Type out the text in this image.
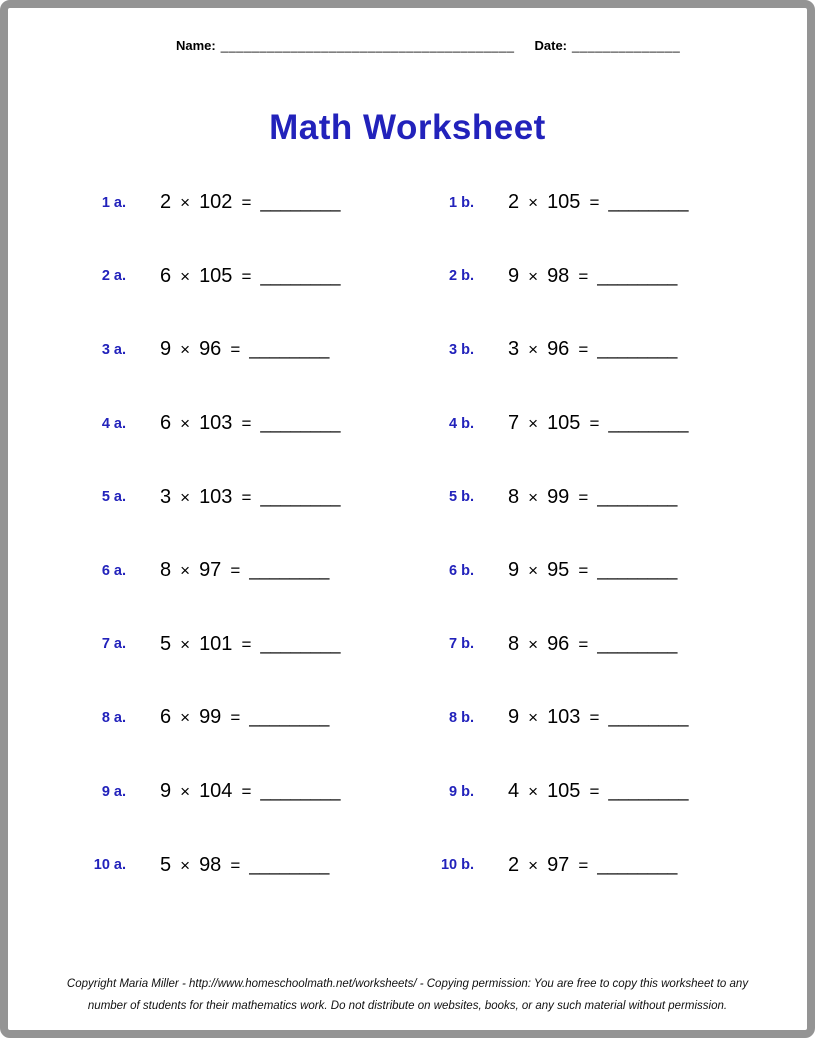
Name: ______________________________________ Date: ______________
Math Worksheet
1 a. 2 × 102 = ________	1 b. 2 × 105 = ________
2 a. 6 × 105 = ________	2 b. 9 × 98 = ________
3 a. 9 × 96 = ________	3 b. 3 × 96 = ________
4 a. 6 × 103 = ________	4 b. 7 × 105 = ________
5 a. 3 × 103 = ________	5 b. 8 × 99 = ________
6 a. 8 × 97 = ________	6 b. 9 × 95 = ________
7 a. 5 × 101 = ________	7 b. 8 × 96 = ________
8 a. 6 × 99 = ________	8 b. 9 × 103 = ________
9 a. 9 × 104 = ________	9 b. 4 × 105 = ________
10 a. 5 × 98 = ________	10 b. 2 × 97 = ________
Copyright Maria Miller - http://www.homeschoolmath.net/worksheets/ - Copying permission: You are free to copy this worksheet to any
number of students for their mathematics work. Do not distribute on websites, books, or any such material without permission.
